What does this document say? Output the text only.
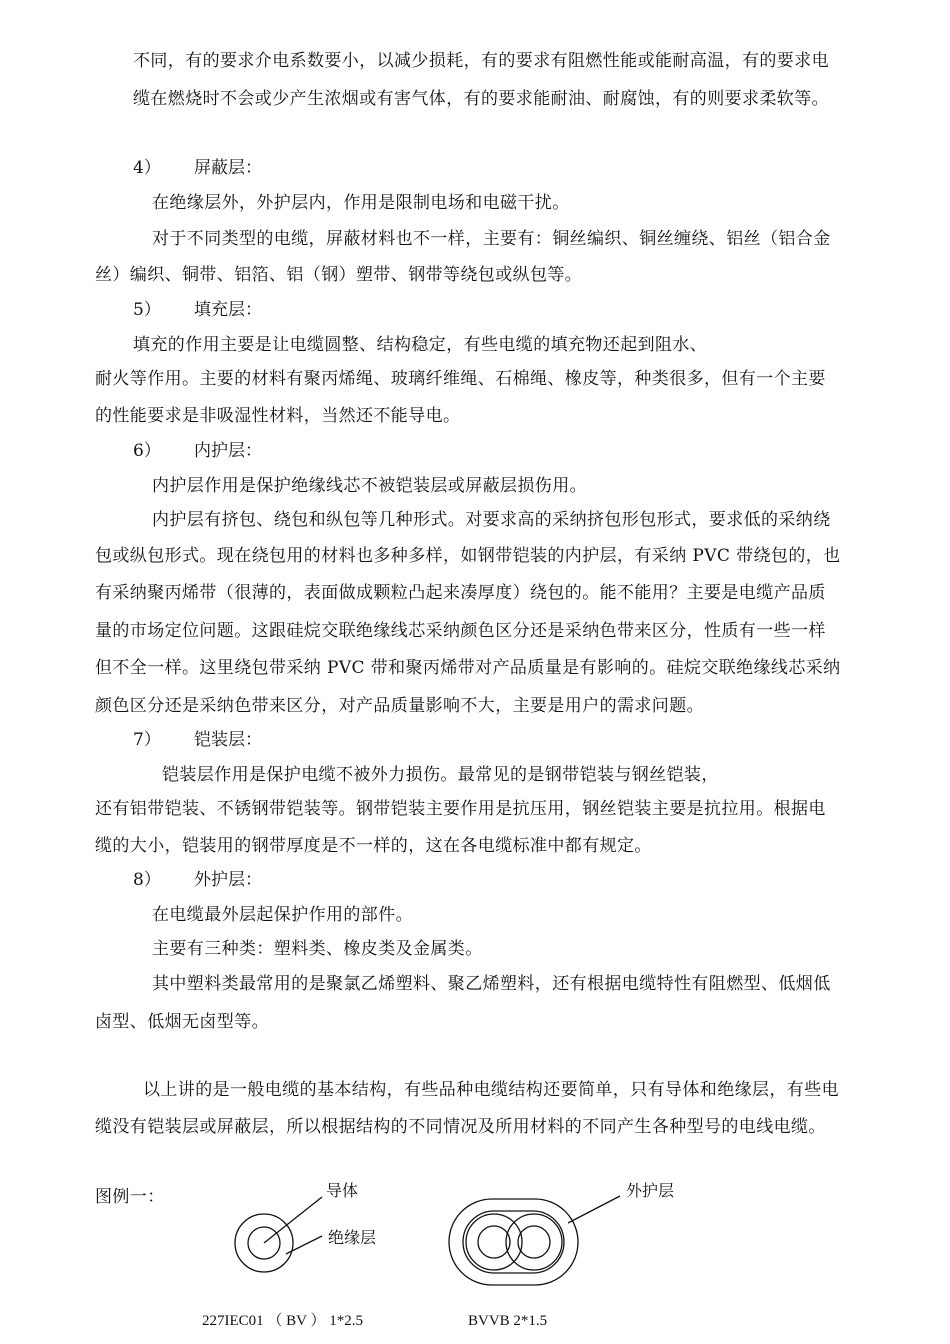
不同，有的要求介电系数要小，以减少损耗，有的要求有阻燃性能或能耐高温，有的要求电
缆在燃烧时不会或少产生浓烟或有害气体，有的要求能耐油、耐腐蚀，有的则要求柔软等。
4） 屏蔽层：
在绝缘层外，外护层内，作用是限制电场和电磁干扰。
对于不同类型的电缆，屏蔽材料也不一样，主要有：铜丝编织、铜丝缠绕、铝丝（铝合金
丝）编织、铜带、铝箔、铝（钢）塑带、钢带等绕包或纵包等。
5） 填充层：
填充的作用主要是让电缆圆整、结构稳定，有些电缆的填充物还起到阻水、
耐火等作用。主要的材料有聚丙烯绳、玻璃纤维绳、石棉绳、橡皮等，种类很多，但有一个主要
的性能要求是非吸湿性材料，当然还不能导电。
6） 内护层：
内护层作用是保护绝缘线芯不被铠装层或屏蔽层损伤用。
内护层有挤包、绕包和纵包等几种形式。对要求高的采纳挤包形包形式，要求低的采纳绕
包或纵包形式。现在绕包用的材料也多种多样，如钢带铠装的内护层，有采纳 PVC 带绕包的，也
有采纳聚丙烯带（很薄的，表面做成颗粒凸起来凑厚度）绕包的。能不能用？主要是电缆产品质
量的市场定位问题。这跟硅烷交联绝缘线芯采纳颜色区分还是采纳色带来区分，性质有一些一样
但不全一样。这里绕包带采纳 PVC 带和聚丙烯带对产品质量是有影响的。硅烷交联绝缘线芯采纳
颜色区分还是采纳色带来区分，对产品质量影响不大，主要是用户的需求问题。
7） 铠装层：
铠装层作用是保护电缆不被外力损伤。最常见的是钢带铠装与钢丝铠装，
还有铝带铠装、不锈钢带铠装等。钢带铠装主要作用是抗压用，钢丝铠装主要是抗拉用。根据电
缆的大小，铠装用的钢带厚度是不一样的，这在各电缆标准中都有规定。
8） 外护层：
在电缆最外层起保护作用的部件。
主要有三种类：塑料类、橡皮类及金属类。
其中塑料类最常用的是聚氯乙烯塑料、聚乙烯塑料，还有根据电缆特性有阻燃型、低烟低
卤型、低烟无卤型等。
以上讲的是一般电缆的基本结构，有些品种电缆结构还要简单，只有导体和绝缘层，有些电
缆没有铠装层或屏蔽层，所以根据结构的不同情况及所用材料的不同产生各种型号的电线电缆。
图例一：	导体
绝缘层
外护层
227IEC01 （ BV ） 1*2.5	BVVB 2*1.5
